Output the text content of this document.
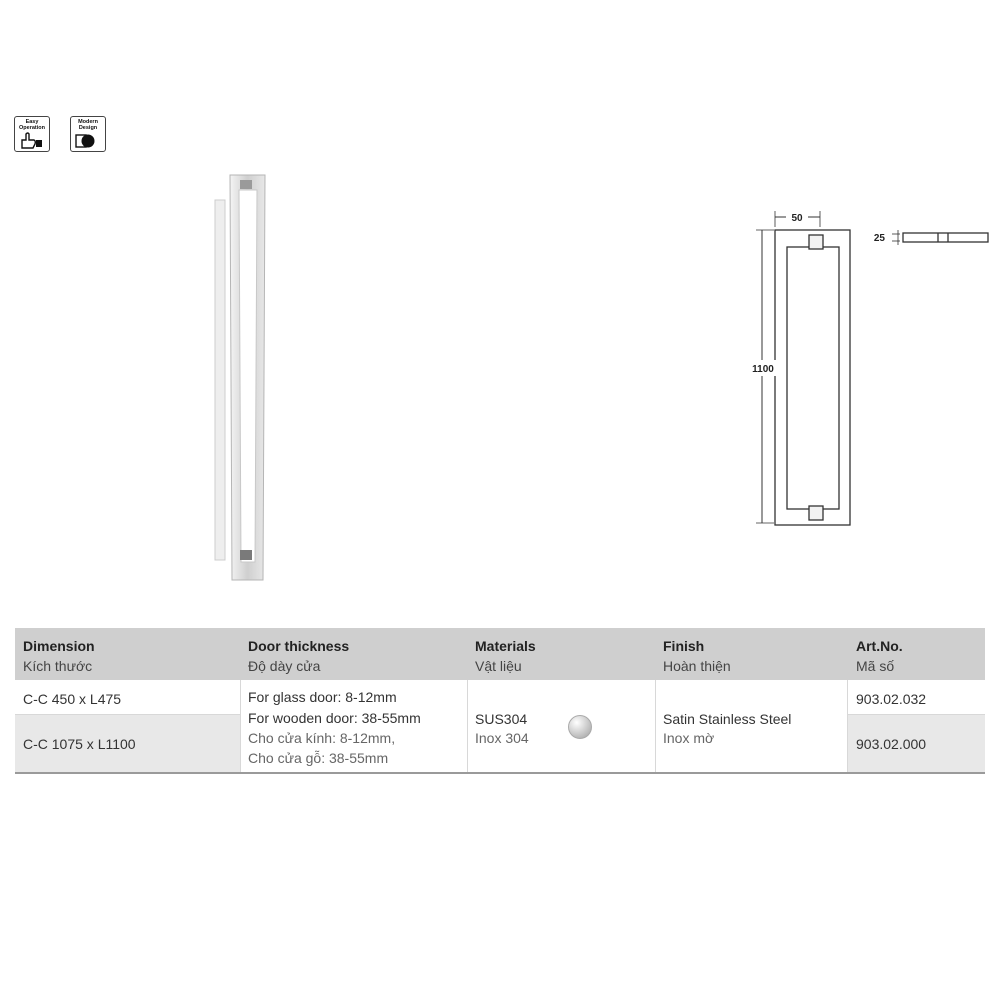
Easy Operation
Modern Design
1100
50
25
Dimension
Kích thước
Door thickness
Độ dày cửa
Materials
Vật liệu
Finish
Hoàn thiện
Art.No.
Mã số
C-C 450 x L475
C-C 1075 x L1100
For glass door: 8-12mm
For wooden door: 38-55mm
Cho cửa kính: 8-12mm,
Cho cửa gỗ: 38-55mm
SUS304
Inox 304
Satin Stainless Steel
Inox mờ
903.02.032
903.02.000
